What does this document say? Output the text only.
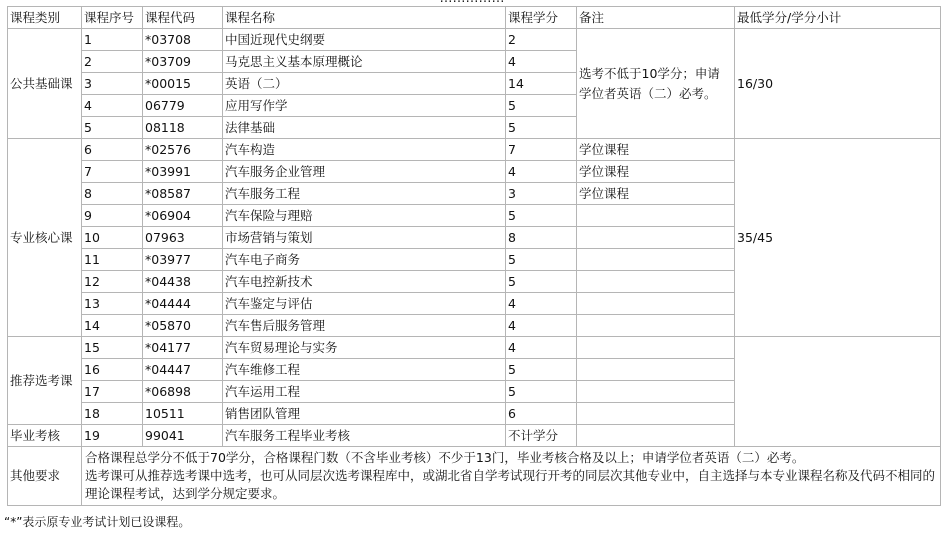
课程类别	课程序号	课程代码	课程名称	课程学分	备注	最低学分/学分小计
公共基础课	1	*03708	中国近现代史纲要	2	选考不低于10学分；申请学位者英语（二）必考。	16/30
	2	*03709	马克思主义基本原理概论	4		
	3	*00015	英语（二）	14		
	4	06779	应用写作学	5		
	5	08118	法律基础	5		
专业核心课	6	*02576	汽车构造	7	学位课程	35/45
	7	*03991	汽车服务企业管理	4	学位课程	
	8	*08587	汽车服务工程	3	学位课程	
	9	*06904	汽车保险与理赔	5		
	10	07963	市场营销与策划	8		
	11	*03977	汽车电子商务	5		
	12	*04438	汽车电控新技术	5		
	13	*04444	汽车鉴定与评估	4		
	14	*05870	汽车售后服务管理	4		
推荐选考课	15	*04177	汽车贸易理论与实务	4		
	16	*04447	汽车维修工程	5		
	17	*06898	汽车运用工程	5		
	18	10511	销售团队管理	6		
毕业考核	19	99041	汽车服务工程毕业考核	不计学分		
其他要求	合格课程总学分不低于70学分，合格课程门数（不含毕业考核）不少于13门，毕业考核合格及以上；申请学位者英语（二）必考。
选考课可从推荐选考课中选考，也可从同层次选考课程库中，或湖北省自学考试现行开考的同层次其他专业中，自主选择与本专业课程名称及代码不相同的理论课程考试，达到学分规定要求。					
“*”表示原专业考试计划已设课程。
